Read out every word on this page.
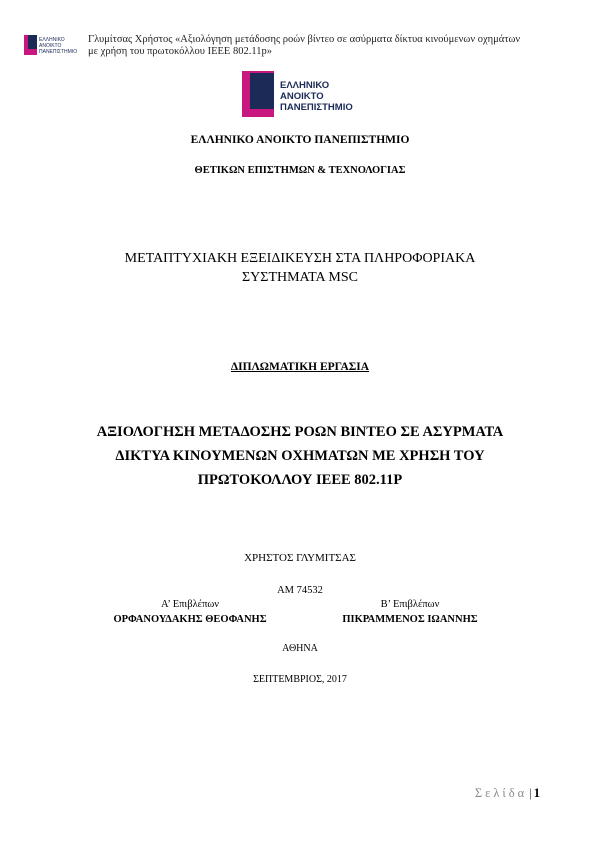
ΕΛΛΗΝΙΚΟ
ΑΝΟΙΚΤΟ
ΠΑΝΕΠΙΣΤΗΜΙΟ
Γλυμίτσας Χρήστος «Αξιολόγηση μετάδοσης ροών βίντεο σε ασύρματα δίκτυα κινούμενων οχημάτων με χρήση του πρωτοκόλλου IEEE 802.11p»
ΕΛΛΗΝΙΚΟ
ΑΝΟΙΚΤΟ
ΠΑΝΕΠΙΣΤΗΜΙΟ
ΕΛΛΗΝΙΚΟ ΑΝΟΙΚΤΟ ΠΑΝΕΠΙΣΤΗΜΙΟ
ΘΕΤΙΚΩΝ ΕΠΙΣΤΗΜΩΝ & ΤΕΧΝΟΛΟΓΙΑΣ
ΜΕΤΑΠΤΥΧΙΑΚΗ ΕΞΕΙΔΙΚΕΥΣΗ ΣΤΑ ΠΛΗΡΟΦΟΡΙΑΚΑ
ΣΥΣΤΗΜΑΤΑ MSC
ΔΙΠΛΩΜΑΤΙΚΗ ΕΡΓΑΣΙΑ
ΑΞΙΟΛΟΓΗΣΗ ΜΕΤΑΔΟΣΗΣ ΡΟΩΝ ΒΙΝΤΕΟ ΣΕ ΑΣΥΡΜΑΤΑ
ΔΙΚΤΥΑ ΚΙΝΟΥΜΕΝΩΝ ΟΧΗΜΑΤΩΝ ΜΕ ΧΡΗΣΗ ΤΟΥ
ΠΡΩΤΟΚΟΛΛΟΥ IEEE 802.11P
ΧΡΗΣΤΟΣ ΓΛΥΜΙΤΣΑΣ
ΑΜ 74532
Α’ Επιβλέπων	Β’ Επιβλέπων
ΟΡΦΑΝΟΥΔΑΚΗΣ ΘΕΟΦΑΝΗΣ	ΠΙΚΡΑΜΜΕΝΟΣ ΙΩΑΝΝΗΣ
ΑΘΗΝΑ
ΣΕΠΤΕΜΒΡΙΟΣ, 2017
Σελίδα | 1
